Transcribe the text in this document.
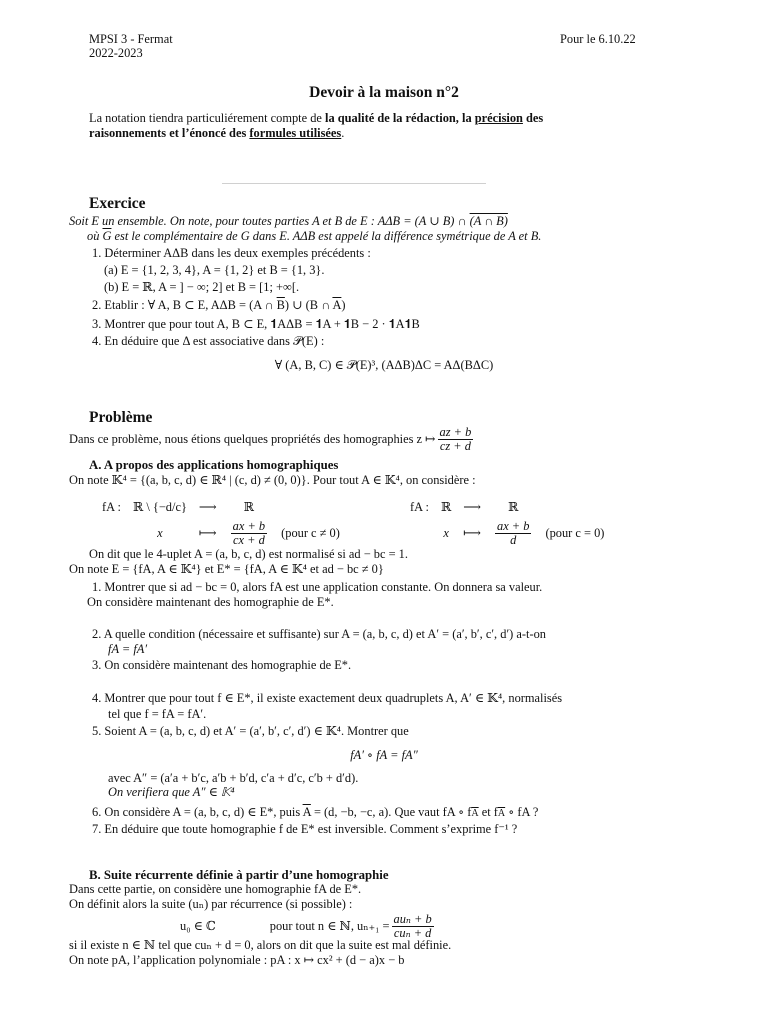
MPSI 3 - Fermat
2022-2023
Pour le 6.10.22
Devoir à la maison n°2
La notation tiendra particuliérement compte de la qualité de la rédaction, la précision des
raisonnements et l’énoncé des formules utilisées.
Exercice
Soit E un ensemble. On note, pour toutes parties A et B de E : AΔB = (A ∪ B) ∩ (A ∩ B)
où $\overline{G}$ est le complémentaire de G dans E. AΔB est appelé la différence symétrique de A et B.
1. Déterminer AΔB dans les deux exemples précédents :
(a) E = {1, 2, 3, 4}, A = {1, 2} et B = {1, 3}.
(b) E = ℝ, A = ] − ∞; 2] et B = [1; +∞[.
2. Etablir : ∀ A, B ⊂ E, AΔB = (A ∩ $\overline{B}$) ∪ (B ∩ $\overline{A}$)
3. Montrer que pour tout A, B ⊂ E, 𝟏AΔB = 𝟏A + 𝟏B − 2 · 𝟏A𝟏B
4. En déduire que Δ est associative dans 𝒫(E) :
∀ (A, B, C) ∈ 𝒫(E)³, (AΔB)ΔC = AΔ(BΔC)
Problème
Dans ce problème, nous étions quelques propriétés des homographies z ↦ $\frac{az + b}{cz + d}$
A. A propos des applications homographiques
On note 𝕂⁴ = {(a, b, c, d) ∈ ℝ⁴ | (c, d) ≠ (0, 0)}. Pour tout A ∈ 𝕂⁴, on considère :
fA :	ℝ \ {−d/c}	⟶	ℝ	
	x	⟼	$\frac{ax + b}{cx + d}$	(pour c ≠ 0)
fA :	ℝ	⟶	ℝ	
	x	⟼	$\frac{ax + b}{d}$	(pour c = 0)
On dit que le 4-uplet A = (a, b, c, d) est normalisé si ad − bc = 1.
On note E = {fA, A ∈ 𝕂⁴} et E* = {fA, A ∈ 𝕂⁴ et ad − bc ≠ 0}
1. Montrer que si ad − bc = 0, alors fA est une application constante. On donnera sa valeur.
On considère maintenant des homographie de E*.
2. A quelle condition (nécessaire et suffisante) sur A = (a, b, c, d) et A′ = (a′, b′, c′, d′) a-t-on
fA = fA′
3. On considère maintenant des homographie de E*.
4. Montrer que pour tout f ∈ E*, il existe exactement deux quadruplets A, A′ ∈ 𝕂⁴, normalisés
tel que f = fA = fA′.
5. Soient A = (a, b, c, d) et A′ = (a′, b′, c′, d′) ∈ 𝕂⁴. Montrer que
fA′ ∘ fA = fA″
avec A″ = (a′a + b′c, a′b + b′d, c′a + d′c, c′b + d′d).
On verifiera que A″ ∈ 𝕂⁴
6. On considère A = (a, b, c, d) ∈ E*, puis $\overline{A} = (d$, −b, −c, a). Que vaut fA ∘ $f\overline{A}$ et $f\overline{A}$ ∘ fA ?
7. En déduire que toute homographie f de E* est inversible. Comment s’exprime f⁻¹ ?
B. Suite récurrente définie à partir d’une homographie
Dans cette partie, on considère une homographie fA de E*.
On définit alors la suite (uₙ) par récurrence (si possible) :
u₀ ∈ ℂ	pour tout n ∈ ℕ, $u_{n+1} = \frac{\text{auₙ + b}}{\text{cuₙ + d}}$
si il existe n ∈ ℕ tel que cuₙ + d = 0, alors on dit que la suite est mal définie.
On note pA, l’application polynomiale : pA : x ↦ cx² + (d − a)x − b
